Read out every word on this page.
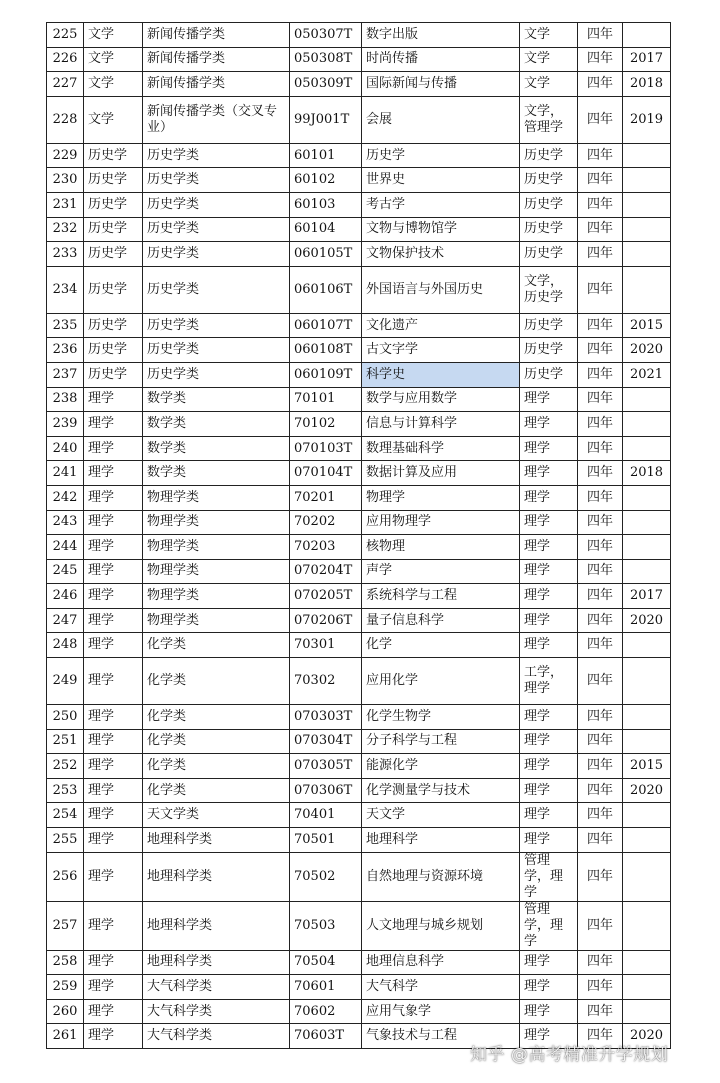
225	文学	新闻传播学类	050307T	数字出版	文学	四年	
226	文学	新闻传播学类	050308T	时尚传播	文学	四年	2017
227	文学	新闻传播学类	050309T	国际新闻与传播	文学	四年	2018
228	文学	新闻传播学类（交叉专业）	99J001T	会展	文学，管理学	四年	2019
229	历史学	历史学类	60101	历史学	历史学	四年	
230	历史学	历史学类	60102	世界史	历史学	四年	
231	历史学	历史学类	60103	考古学	历史学	四年	
232	历史学	历史学类	60104	文物与博物馆学	历史学	四年	
233	历史学	历史学类	060105T	文物保护技术	历史学	四年	
234	历史学	历史学类	060106T	外国语言与外国历史	文学，历史学	四年	
235	历史学	历史学类	060107T	文化遗产	历史学	四年	2015
236	历史学	历史学类	060108T	古文字学	历史学	四年	2020
237	历史学	历史学类	060109T	科学史	历史学	四年	2021
238	理学	数学类	70101	数学与应用数学	理学	四年	
239	理学	数学类	70102	信息与计算科学	理学	四年	
240	理学	数学类	070103T	数理基础科学	理学	四年	
241	理学	数学类	070104T	数据计算及应用	理学	四年	2018
242	理学	物理学类	70201	物理学	理学	四年	
243	理学	物理学类	70202	应用物理学	理学	四年	
244	理学	物理学类	70203	核物理	理学	四年	
245	理学	物理学类	070204T	声学	理学	四年	
246	理学	物理学类	070205T	系统科学与工程	理学	四年	2017
247	理学	物理学类	070206T	量子信息科学	理学	四年	2020
248	理学	化学类	70301	化学	理学	四年	
249	理学	化学类	70302	应用化学	工学，理学	四年	
250	理学	化学类	070303T	化学生物学	理学	四年	
251	理学	化学类	070304T	分子科学与工程	理学	四年	
252	理学	化学类	070305T	能源化学	理学	四年	2015
253	理学	化学类	070306T	化学测量学与技术	理学	四年	2020
254	理学	天文学类	70401	天文学	理学	四年	
255	理学	地理科学类	70501	地理科学	理学	四年	
256	理学	地理科学类	70502	自然地理与资源环境	管理学，理学	四年	
257	理学	地理科学类	70503	人文地理与城乡规划	管理学，理学	四年	
258	理学	地理科学类	70504	地理信息科学	理学	四年	
259	理学	大气科学类	70601	大气科学	理学	四年	
260	理学	大气科学类	70602	应用气象学	理学	四年	
261	理学	大气科学类	70603T	气象技术与工程	理学	四年	2020
知乎 @高考精准升学规划
